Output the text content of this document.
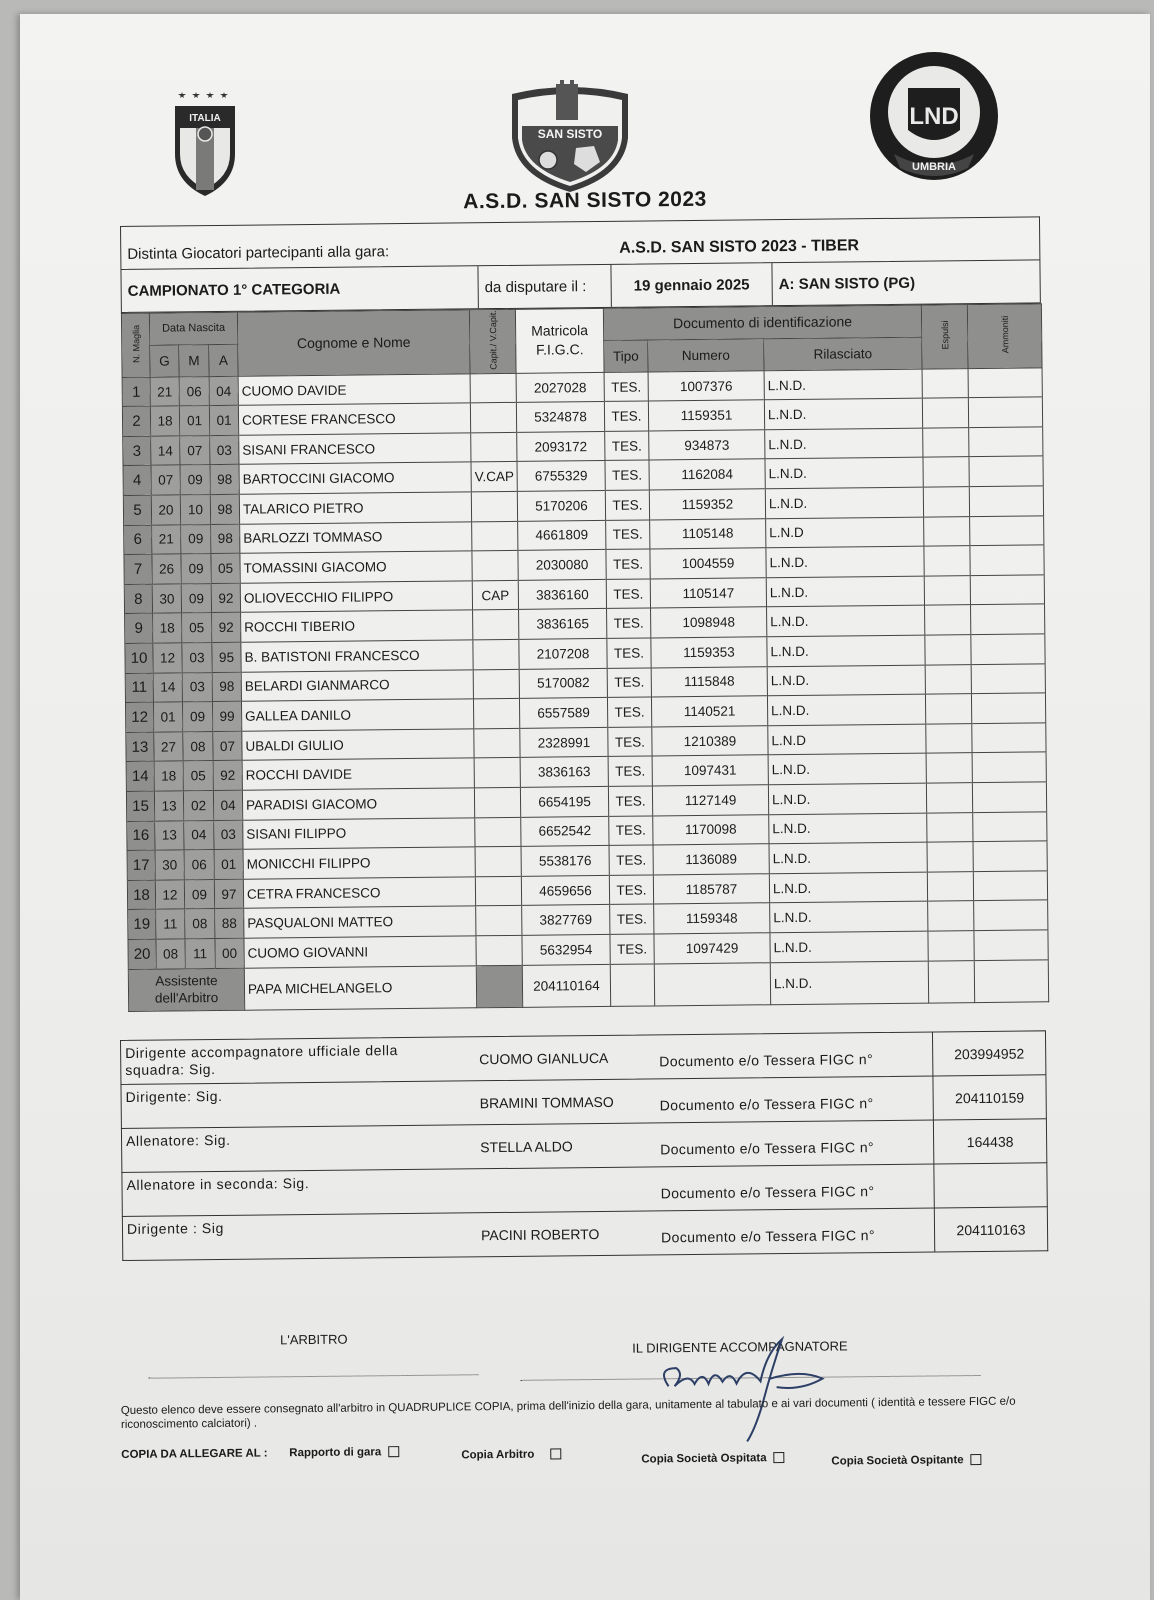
ITALIA
SAN SISTO
LND
UMBRIA
A.S.D. SAN SISTO 2023
Distinta Giocatori partecipanti alla gara:	A.S.D. SAN SISTO 2023 - TIBER
CAMPIONATO 1° CATEGORIA	da disputare il :	19 gennaio 2025	A: SAN SISTO (PG)
N. Maglia	Data Nascita			Cognome e Nome	Capit./ V.Capit.	Matricola F.I.G.C.	Documento di identificazione			Espulsi	Ammoniti
	G	M	A				Tipo	Numero	Rilasciato		
1	21	06	04	CUOMO DAVIDE		2027028	TES.	1007376	L.N.D.		
2	18	01	01	CORTESE FRANCESCO		5324878	TES.	1159351	L.N.D.		
3	14	07	03	SISANI FRANCESCO		2093172	TES.	934873	L.N.D.		
4	07	09	98	BARTOCCINI GIACOMO	V.CAP	6755329	TES.	1162084	L.N.D.		
5	20	10	98	TALARICO PIETRO		5170206	TES.	1159352	L.N.D.		
6	21	09	98	BARLOZZI TOMMASO		4661809	TES.	1105148	L.N.D		
7	26	09	05	TOMASSINI GIACOMO		2030080	TES.	1004559	L.N.D.		
8	30	09	92	OLIOVECCHIO FILIPPO	CAP	3836160	TES.	1105147	L.N.D.		
9	18	05	92	ROCCHI TIBERIO		3836165	TES.	1098948	L.N.D.		
10	12	03	95	B. BATISTONI FRANCESCO		2107208	TES.	1159353	L.N.D.		
11	14	03	98	BELARDI GIANMARCO		5170082	TES.	1115848	L.N.D.		
12	01	09	99	GALLEA DANILO		6557589	TES.	1140521	L.N.D.		
13	27	08	07	UBALDI GIULIO		2328991	TES.	1210389	L.N.D		
14	18	05	92	ROCCHI DAVIDE		3836163	TES.	1097431	L.N.D.		
15	13	02	04	PARADISI GIACOMO		6654195	TES.	1127149	L.N.D.		
16	13	04	03	SISANI FILIPPO		6652542	TES.	1170098	L.N.D.		
17	30	06	01	MONICCHI FILIPPO		5538176	TES.	1136089	L.N.D.		
18	12	09	97	CETRA FRANCESCO		4659656	TES.	1185787	L.N.D.		
19	11	08	88	PASQUALONI MATTEO		3827769	TES.	1159348	L.N.D.		
20	08	11	00	CUOMO GIOVANNI		5632954	TES.	1097429	L.N.D.		
Assistente dell'Arbitro				PAPA MICHELANGELO		204110164			L.N.D.		
Dirigente accompagnatore ufficiale della squadra: Sig.
CUOMO GIANLUCA	Documento e/o Tessera FIGC n°	203994952
Dirigente: Sig.	BRAMINI TOMMASO	Documento e/o Tessera FIGC n°	204110159
Allenatore: Sig.	STELLA ALDO	Documento e/o Tessera FIGC n°	164438
Allenatore in seconda: Sig.	Documento e/o Tessera FIGC n°
Dirigente : Sig	PACINI ROBERTO	Documento e/o Tessera FIGC n°	204110163
L'ARBITRO	IL DIRIGENTE ACCOMPAGNATORE
Questo elenco deve essere consegnato all'arbitro in QUADRUPLICE COPIA, prima dell'inizio della gara, unitamente al tabulato e ai vari documenti ( identità e tessere FIGC e/o riconoscimento calciatori) .
COPIA DA ALLEGARE AL : Rapporto di gara	Copia Arbitro	Copia Società Ospitata	Copia Società Ospitante
